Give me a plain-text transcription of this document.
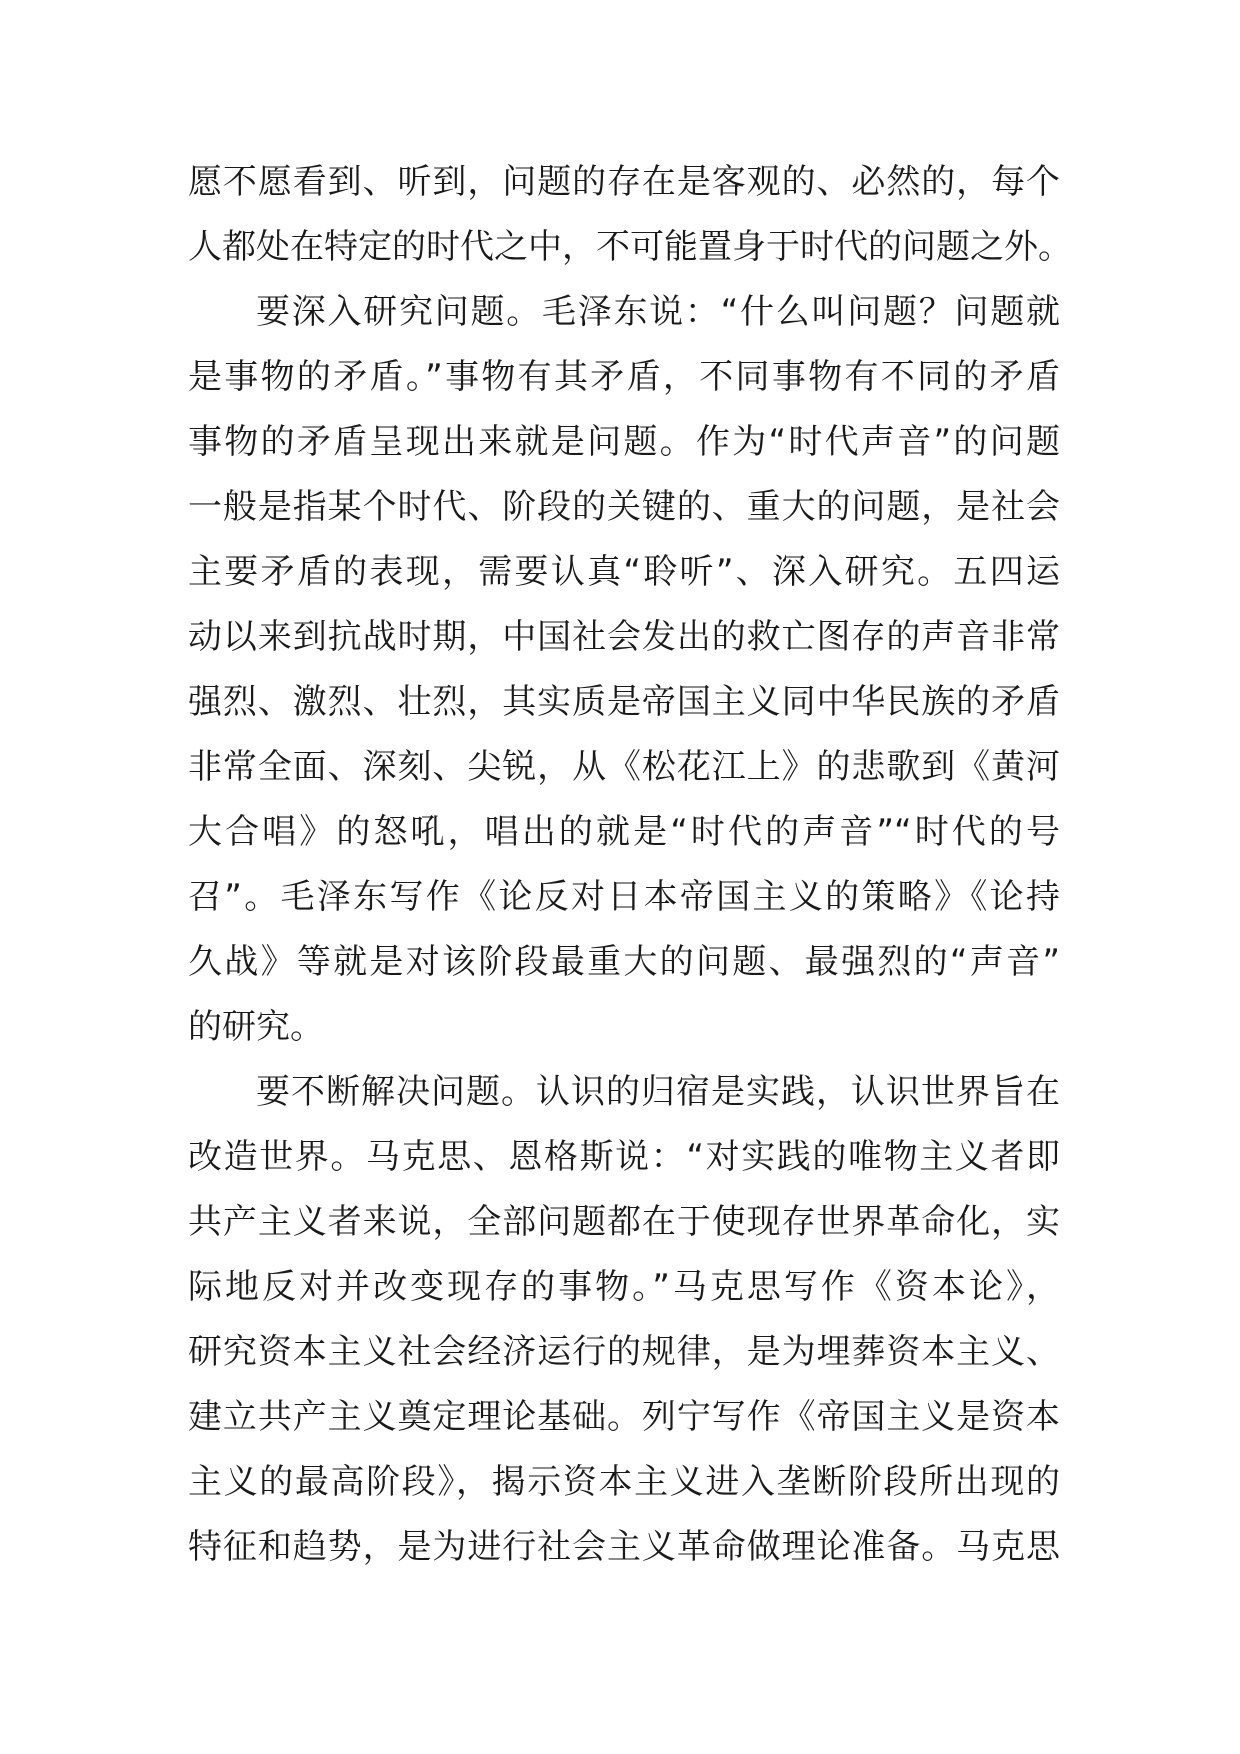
愿不愿看到、听到，问题的存在是客观的、必然的，每个
人都处在特定的时代之中，不可能置身于时代的问题之外。
要深入研究问题。毛泽东说：“什么叫问题？问题就
是事物的矛盾。”事物有其矛盾，不同事物有不同的矛盾
事物的矛盾呈现出来就是问题。作为“时代声音”的问题
一般是指某个时代、阶段的关键的、重大的问题，是社会
主要矛盾的表现，需要认真“聆听”、深入研究。五四运
动以来到抗战时期，中国社会发出的救亡图存的声音非常
强烈、激烈、壮烈，其实质是帝国主义同中华民族的矛盾
非常全面、深刻、尖锐，从《松花江上》的悲歌到《黄河
大合唱》的怒吼，唱出的就是“时代的声音”“时代的号
召”。毛泽东写作《论反对日本帝国主义的策略》《论持
久战》等就是对该阶段最重大的问题、最强烈的“声音”
的研究。
要不断解决问题。认识的归宿是实践，认识世界旨在
改造世界。马克思、恩格斯说：“对实践的唯物主义者即
共产主义者来说，全部问题都在于使现存世界革命化，实
际地反对并改变现存的事物。”马克思写作《资本论》，
研究资本主义社会经济运行的规律，是为埋葬资本主义、
建立共产主义奠定理论基础。列宁写作《帝国主义是资本
主义的最高阶段》，揭示资本主义进入垄断阶段所出现的
特征和趋势，是为进行社会主义革命做理论准备。马克思
